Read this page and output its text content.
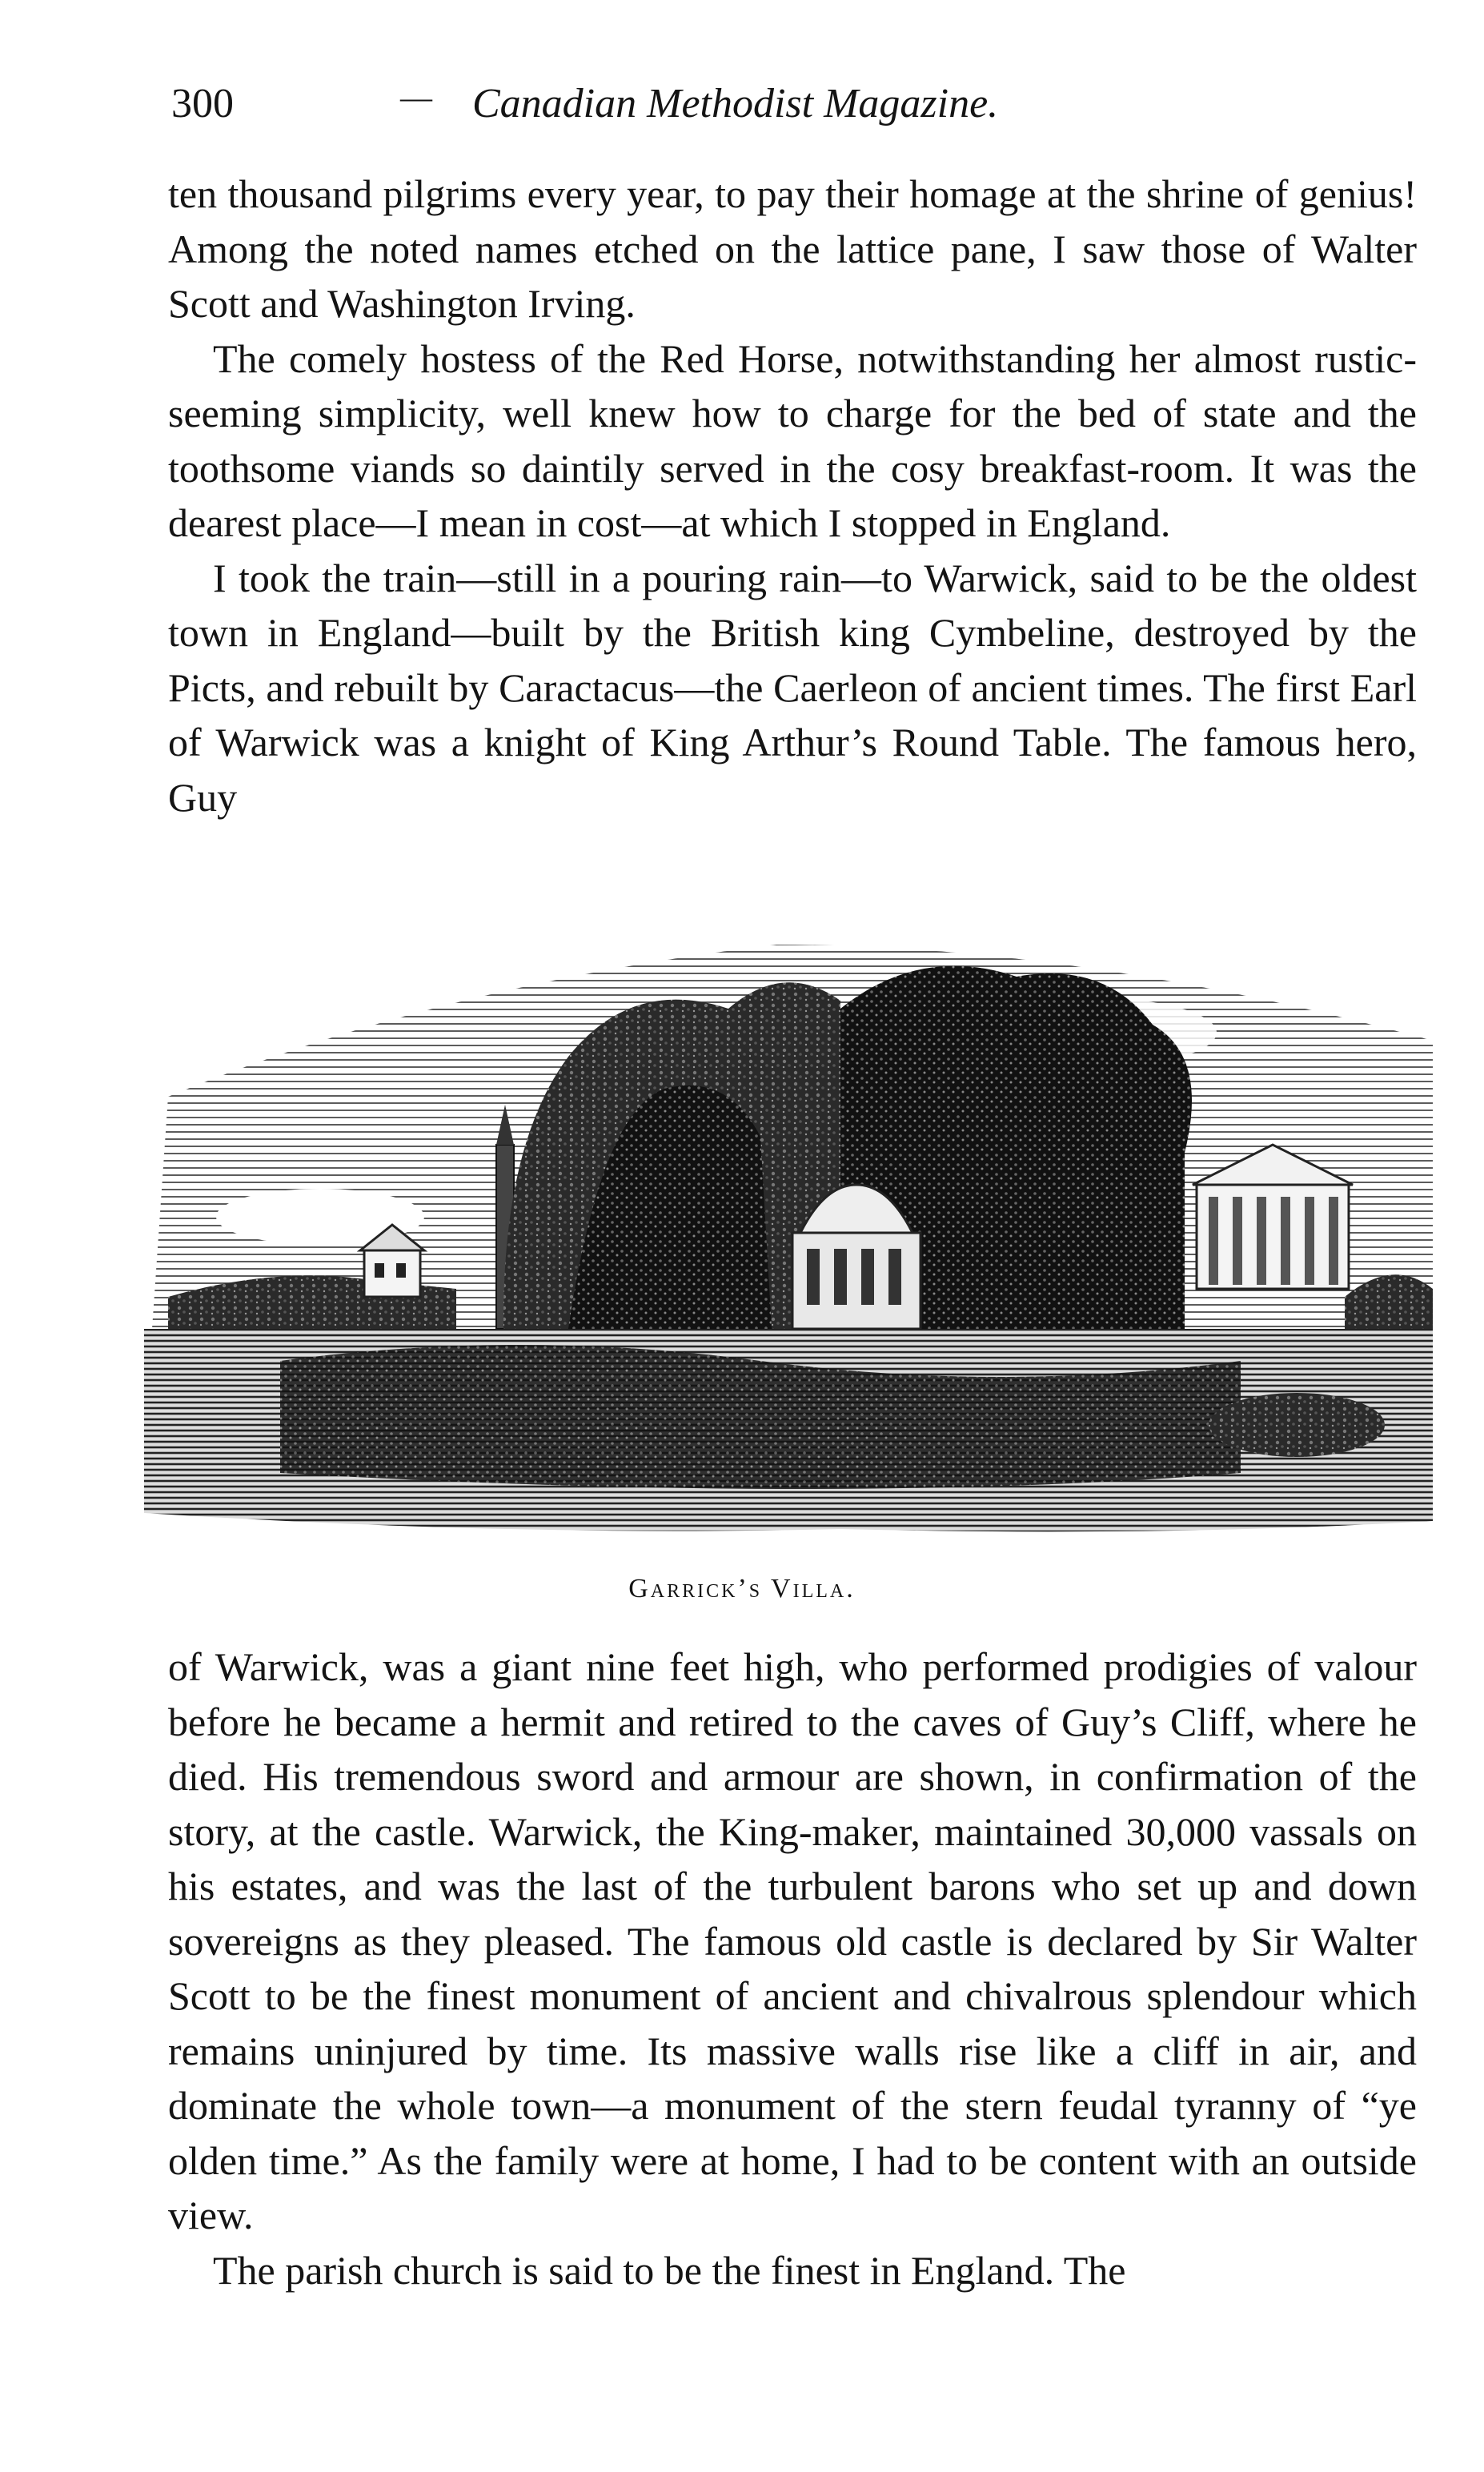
300	— Canadian Methodist Magazine.

ten thousand pilgrims every year, to pay their homage at the shrine of genius! Among the noted names etched on the lattice pane, I saw those of Walter Scott and Washington Irving.

The comely hostess of the Red Horse, notwithstanding her almost rustic-seeming simplicity, well knew how to charge for the bed of state and the toothsome viands so daintily served in the cosy breakfast-room. It was the dearest place—I mean in cost—at which I stopped in England.

I took the train—still in a pouring rain—to Warwick, said to be the oldest town in England—built by the British king Cymbeline, destroyed by the Picts, and rebuilt by Caractacus—the Caerleon of ancient times. The first Earl of Warwick was a knight of King Arthur’s Round Table. The famous hero, Guy

Garrick’s Villa.

of Warwick, was a giant nine feet high, who performed prodigies of valour before he became a hermit and retired to the caves of Guy’s Cliff, where he died. His tremendous sword and armour are shown, in confirmation of the story, at the castle. Warwick, the King-maker, maintained 30,000 vassals on his estates, and was the last of the turbulent barons who set up and down sovereigns as they pleased. The famous old castle is declared by Sir Walter Scott to be the finest monument of ancient and chivalrous splendour which remains uninjured by time. Its massive walls rise like a cliff in air, and dominate the whole town—a monument of the stern feudal tyranny of “ye olden time.” As the family were at home, I had to be content with an outside view.

The parish church is said to be the finest in England. The
